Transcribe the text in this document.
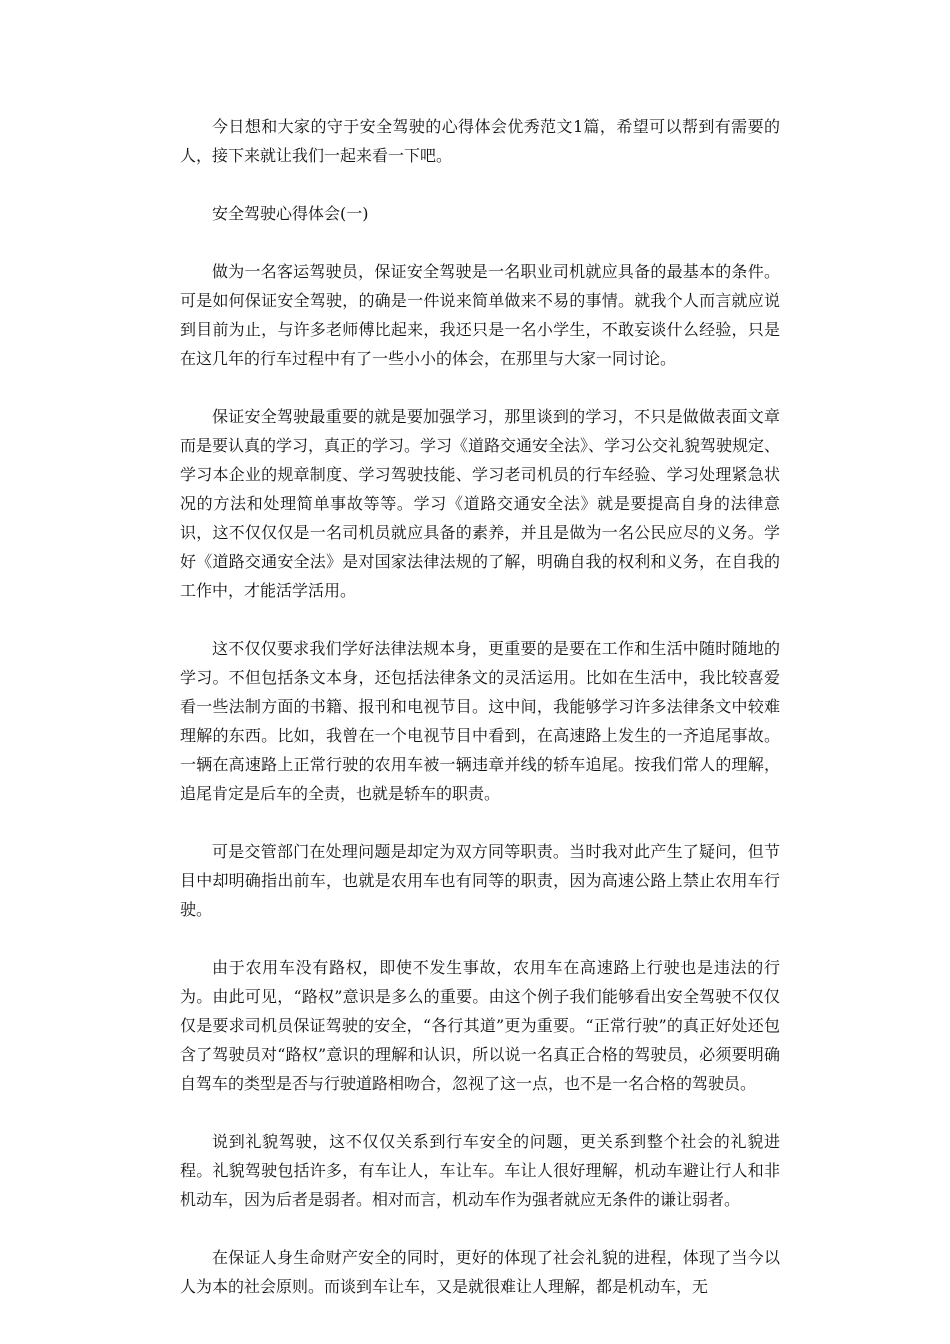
今日想和大家的守于安全驾驶的心得体会优秀范文1篇，希望可以帮到有需要的人，接下来就让我们一起来看一下吧。

安全驾驶心得体会(一)

做为一名客运驾驶员，保证安全驾驶是一名职业司机就应具备的最基本的条件。可是如何保证安全驾驶，的确是一件说来简单做来不易的事情。就我个人而言就应说到目前为止，与许多老师傅比起来，我还只是一名小学生，不敢妄谈什么经验，只是在这几年的行车过程中有了一些小小的体会，在那里与大家一同讨论。

保证安全驾驶最重要的就是要加强学习，那里谈到的学习，不只是做做表面文章而是要认真的学习，真正的学习。学习《道路交通安全法》、学习公交礼貌驾驶规定、学习本企业的规章制度、学习驾驶技能、学习老司机员的行车经验、学习处理紧急状况的方法和处理简单事故等等。学习《道路交通安全法》就是要提高自身的法律意识，这不仅仅仅是一名司机员就应具备的素养，并且是做为一名公民应尽的义务。学好《道路交通安全法》是对国家法律法规的了解，明确自我的权利和义务，在自我的工作中，才能活学活用。

这不仅仅要求我们学好法律法规本身，更重要的是要在工作和生活中随时随地的学习。不但包括条文本身，还包括法律条文的灵活运用。比如在生活中，我比较喜爱看一些法制方面的书籍、报刊和电视节目。这中间，我能够学习许多法律条文中较难理解的东西。比如，我曾在一个电视节目中看到，在高速路上发生的一齐追尾事故。一辆在高速路上正常行驶的农用车被一辆违章并线的轿车追尾。按我们常人的理解，追尾肯定是后车的全责，也就是轿车的职责。

可是交管部门在处理问题是却定为双方同等职责。当时我对此产生了疑问，但节目中却明确指出前车，也就是农用车也有同等的职责，因为高速公路上禁止农用车行驶。

由于农用车没有路权，即使不发生事故，农用车在高速路上行驶也是违法的行为。由此可见，“路权”意识是多么的重要。由这个例子我们能够看出安全驾驶不仅仅仅是要求司机员保证驾驶的安全，“各行其道”更为重要。“正常行驶”的真正好处还包含了驾驶员对“路权”意识的理解和认识，所以说一名真正合格的驾驶员，必须要明确自驾车的类型是否与行驶道路相吻合，忽视了这一点，也不是一名合格的驾驶员。

说到礼貌驾驶，这不仅仅关系到行车安全的问题，更关系到整个社会的礼貌进程。礼貌驾驶包括许多，有车让人，车让车。车让人很好理解，机动车避让行人和非机动车，因为后者是弱者。相对而言，机动车作为强者就应无条件的谦让弱者。

在保证人身生命财产安全的同时，更好的体现了社会礼貌的进程，体现了当今以人为本的社会原则。而谈到车让车，又是就很难让人理解，都是机动车，无
